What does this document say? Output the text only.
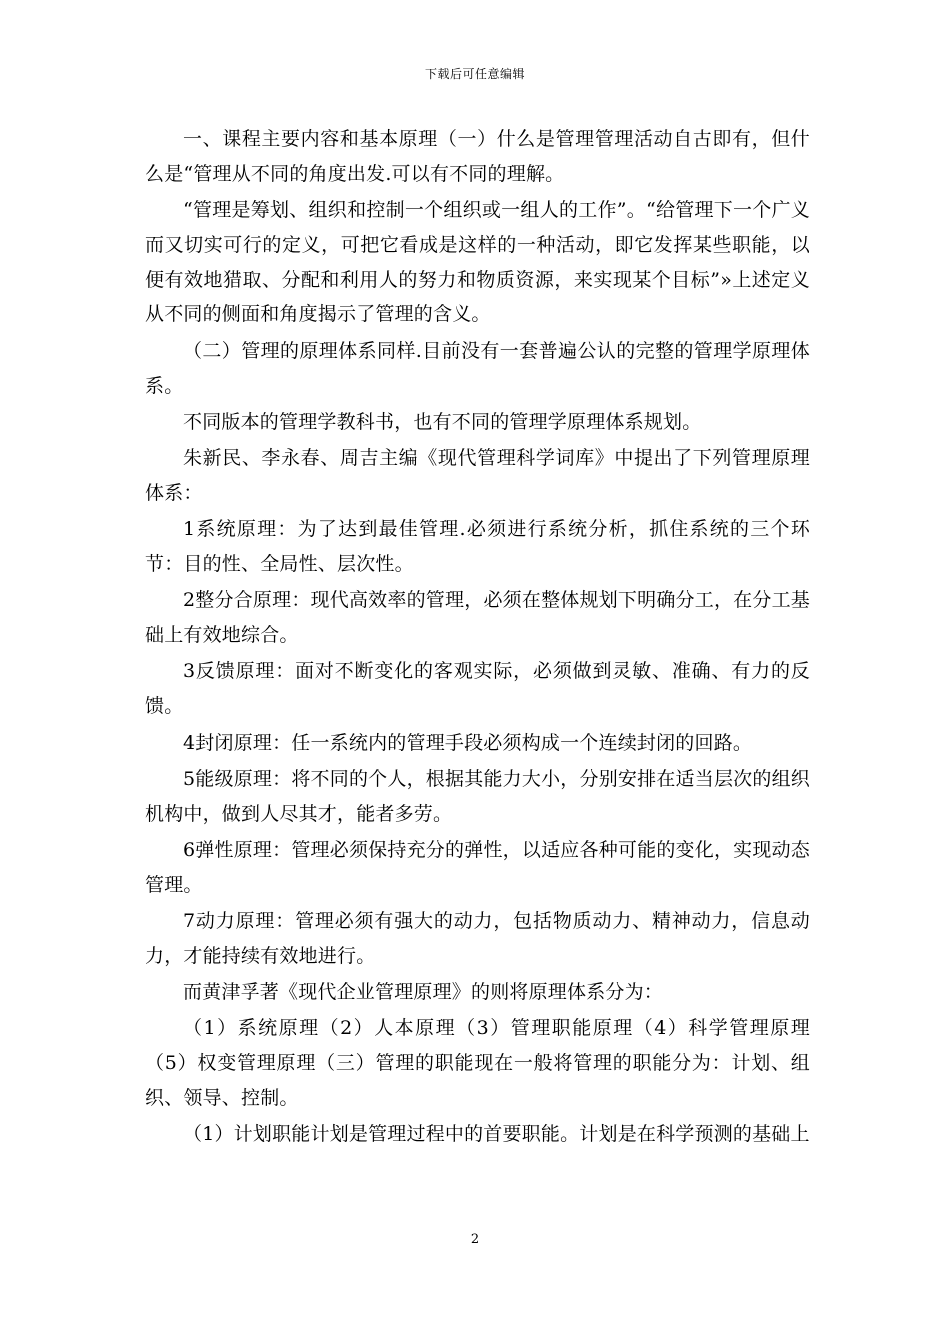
下载后可任意编辑

一、课程主要内容和基本原理（一）什么是管理管理活动自古即有，但什么是“管理从不同的角度出发.可以有不同的理解。

“管理是筹划、组织和控制一个组织或一组人的工作”。“给管理下一个广义而又切实可行的定义，可把它看成是这样的一种活动，即它发挥某些职能，以便有效地猎取、分配和利用人的努力和物质资源，来实现某个目标”»上述定义从不同的侧面和角度揭示了管理的含义。

（二）管理的原理体系同样.目前没有一套普遍公认的完整的管理学原理体系。

不同版本的管理学教科书，也有不同的管理学原理体系规划。

朱新民、李永春、周吉主编《现代管理科学词库》中提出了下列管理原理体系：

1系统原理：为了达到最佳管理.必须进行系统分析，抓住系统的三个环节：目的性、全局性、层次性。

2整分合原理：现代高效率的管理，必须在整体规划下明确分工，在分工基础上有效地综合。

3反馈原理：面对不断变化的客观实际，必须做到灵敏、准确、有力的反馈。

4封闭原理：任一系统内的管理手段必须构成一个连续封闭的回路。

5能级原理：将不同的个人，根据其能力大小，分别安排在适当层次的组织机构中，做到人尽其才，能者多劳。

6弹性原理：管理必须保持充分的弹性，以适应各种可能的变化，实现动态管理。

7动力原理：管理必须有强大的动力，包括物质动力、精神动力，信息动力，才能持续有效地进行。

而黄津孚著《现代企业管理原理》的则将原理体系分为：

（1）系统原理（2）人本原理（3）管理职能原理（4）科学管理原理（5）权变管理原理（三）管理的职能现在一般将管理的职能分为：计划、组织、领导、控制。

（1）计划职能计划是管理过程中的首要职能。计划是在科学预测的基础上

2
